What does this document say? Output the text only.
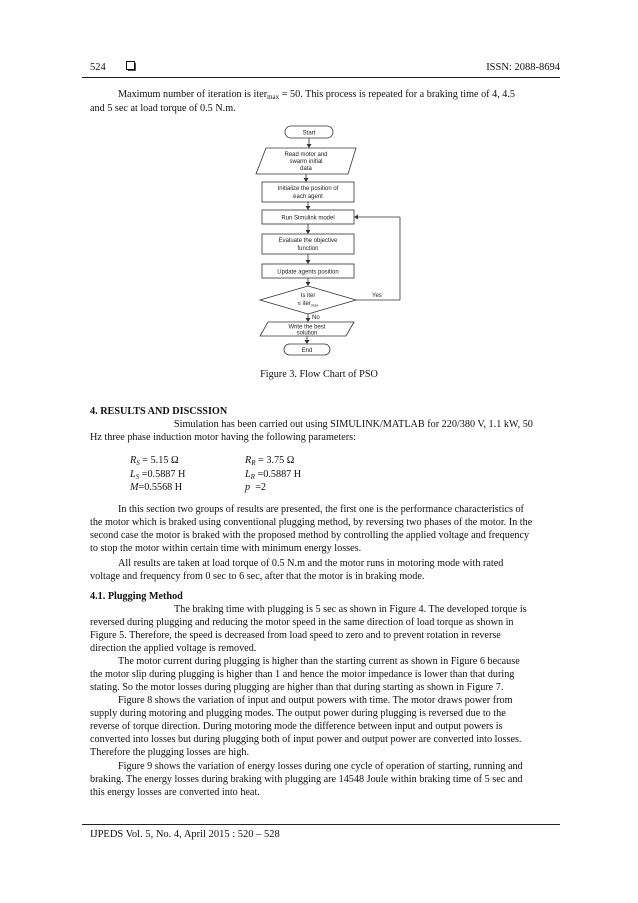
524	ISSN: 2088-8694
Maximum number of iteration is itermax = 50. This process is repeated for a braking time of 4, 4.5
and 5 sec at load torque of 0.5 N.m.
Start
Read motor and
swarm initial
data
Initialize the position of
each agent
Run Simulink model
Evaluate the objective
function
Update agents position
Is iter
≤ iter$_{max}$
Yes
No
Write the best
solution
End
Figure 3. Flow Chart of PSO
4. RESULTS AND DISCSSION
Simulation has been carried out using SIMULINK/MATLAB for 220/380 V, 1.1 kW, 50
Hz three phase induction motor having the following parameters:
RS = 5.15 Ω	RR = 3.75 Ω
LS =0.5887 H	LR =0.5887 H
M=0.5568 H	p  =2
In this section two groups of results are presented, the first one is the performance characteristics of
the motor which is braked using conventional plugging method, by reversing two phases of the motor. In the
second case the motor is braked with the proposed method by controlling the applied voltage and frequency
to stop the motor within certain time with minimum energy losses.
All results are taken at load torque of 0.5 N.m and the motor runs in motoring mode with rated
voltage and frequency from 0 sec to 6 sec, after that the motor is in braking mode.
4.1. Plugging Method
The braking time with plugging is 5 sec as shown in Figure 4. The developed torque is
reversed during plugging and reducing the motor speed in the same direction of load torque as shown in
Figure 5. Therefore, the speed is decreased from load speed to zero and to prevent rotation in reverse
direction the applied voltage is removed.
The motor current during plugging is higher than the starting current as shown in Figure 6 because
the motor slip during plugging is higher than 1 and hence the motor impedance is lower than that during
stating. So the motor losses during plugging are higher than that during starting as shown in Figure 7.
Figure 8 shows the variation of input and output powers with time. The motor draws power from
supply during motoring and plugging modes. The output power during plugging is reversed due to the
reverse of torque direction. During motoring mode the difference between input and output powers is
converted into losses but during plugging both of input power and output power are converted into losses.
Therefore the plugging losses are high.
Figure 9 shows the variation of energy losses during one cycle of operation of starting, running and
braking. The energy losses during braking with plugging are 14548 Joule within braking time of 5 sec and
this energy losses are converted into heat.
IJPEDS Vol. 5, No. 4, April 2015 : 520 – 528
